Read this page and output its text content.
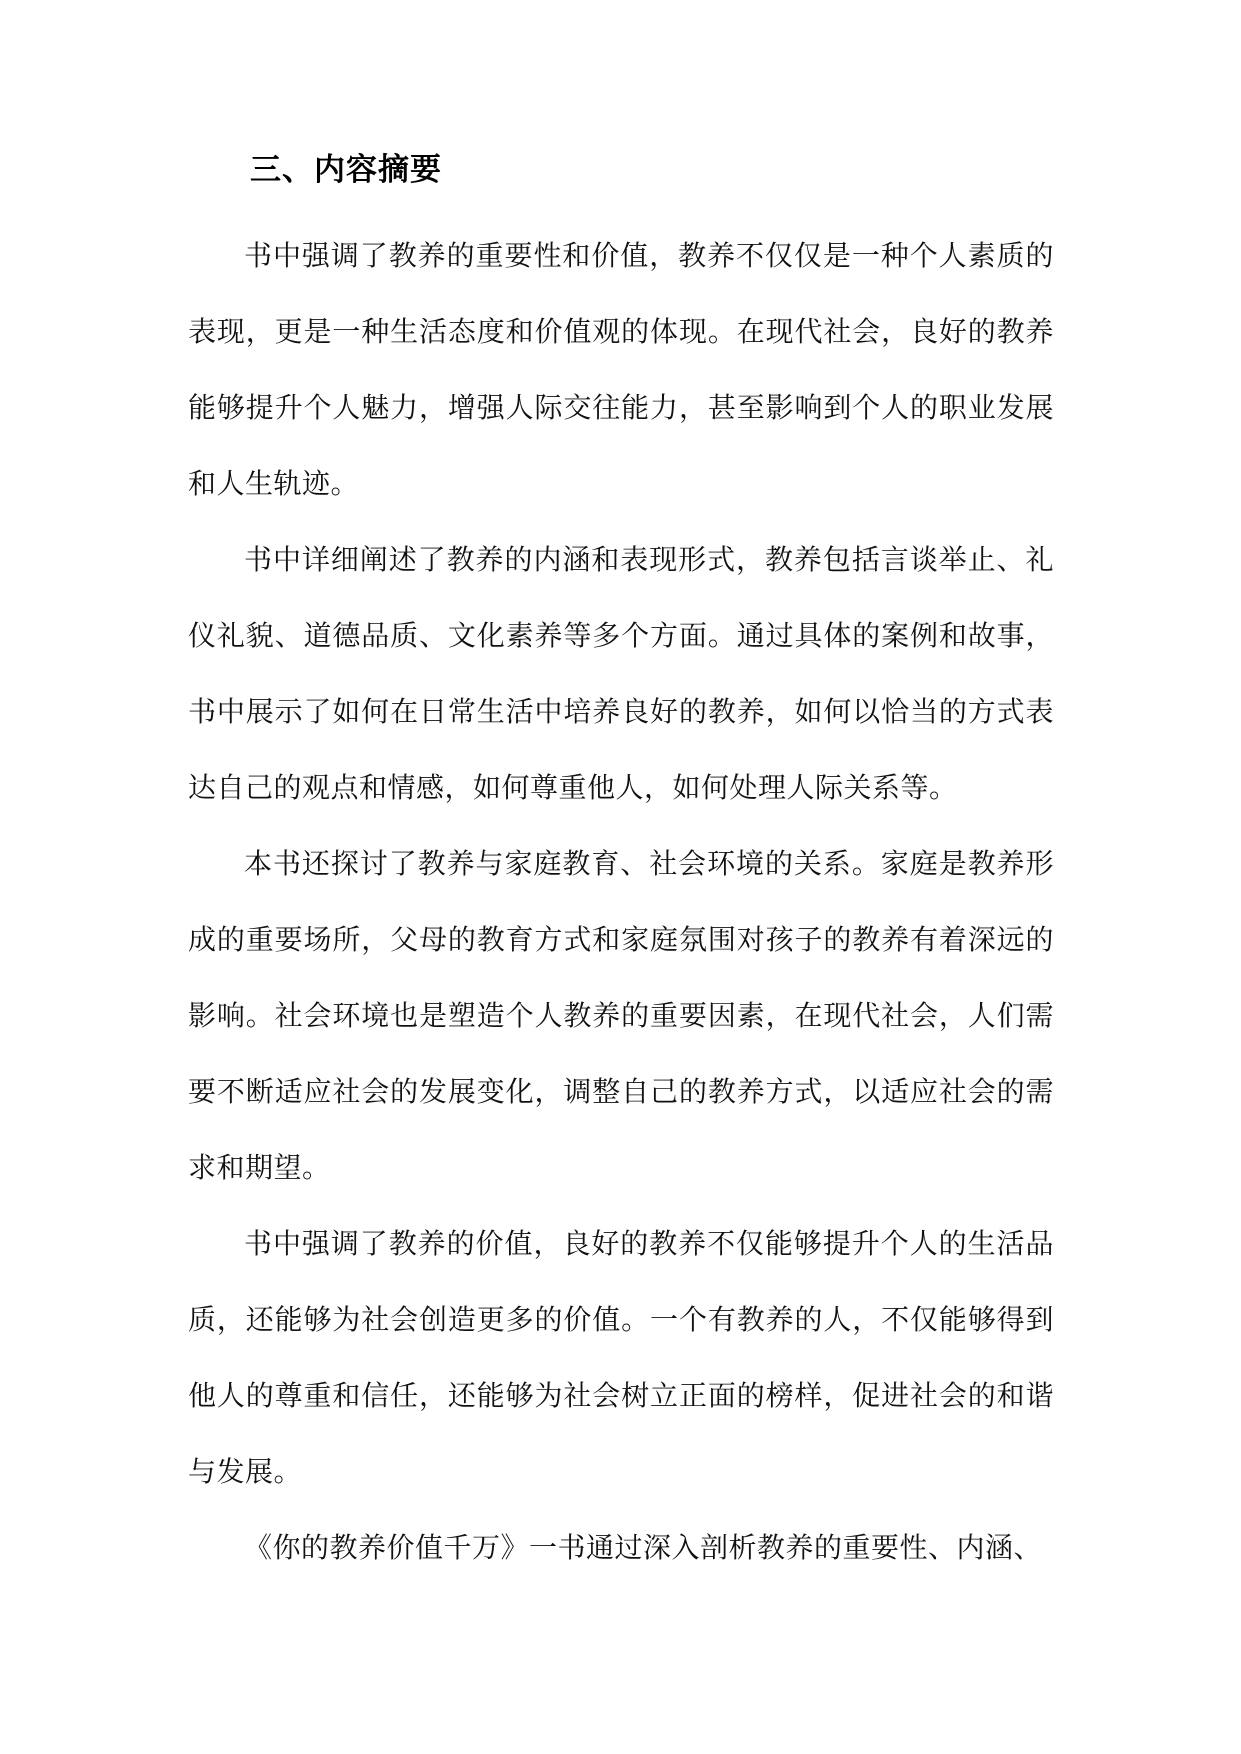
三、内容摘要

书中强调了教养的重要性和价值，教养不仅仅是一种个人素质的表现，更是一种生活态度和价值观的体现。在现代社会，良好的教养能够提升个人魅力，增强人际交往能力，甚至影响到个人的职业发展和人生轨迹。

书中详细阐述了教养的内涵和表现形式，教养包括言谈举止、礼仪礼貌、道德品质、文化素养等多个方面。通过具体的案例和故事，书中展示了如何在日常生活中培养良好的教养，如何以恰当的方式表达自己的观点和情感，如何尊重他人，如何处理人际关系等。

本书还探讨了教养与家庭教育、社会环境的关系。家庭是教养形成的重要场所，父母的教育方式和家庭氛围对孩子的教养有着深远的影响。社会环境也是塑造个人教养的重要因素，在现代社会，人们需要不断适应社会的发展变化，调整自己的教养方式，以适应社会的需求和期望。

书中强调了教养的价值，良好的教养不仅能够提升个人的生活品质，还能够为社会创造更多的价值。一个有教养的人，不仅能够得到他人的尊重和信任，还能够为社会树立正面的榜样，促进社会的和谐与发展。

《你的教养价值千万》一书通过深入剖析教养的重要性、内涵、
